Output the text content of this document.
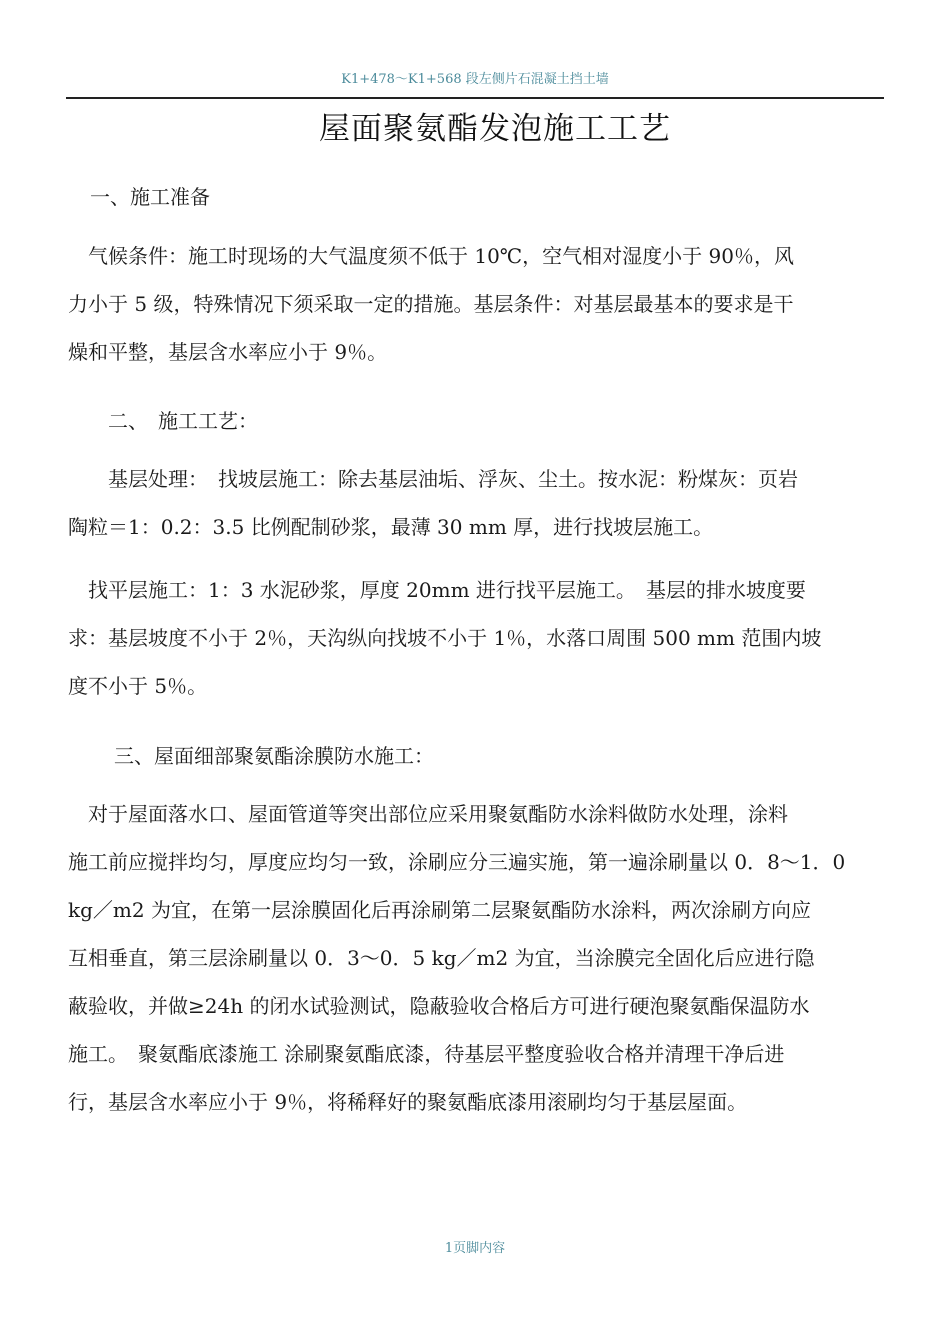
K1+478～K1+568 段左侧片石混凝土挡土墙
屋面聚氨酯发泡施工工艺
一、施工准备
　气候条件：施工时现场的大气温度须不低于 10℃，空气相对湿度小于 90％，风
力小于 5 级，特殊情况下须采取一定的措施。基层条件：对基层最基本的要求是干
燥和平整，基层含水率应小于 9％。
二、　施工工艺：
　　基层处理：　找坡层施工：除去基层油垢、浮灰、尘土。按水泥：粉煤灰：页岩
陶粒＝1：0.2：3.5 比例配制砂浆，最薄 30 mm 厚，进行找坡层施工。
　找平层施工：1：3 水泥砂浆，厚度 20mm 进行找平层施工。　基层的排水坡度要
求：基层坡度不小于 2％，天沟纵向找坡不小于 1％，水落口周围 500 mm 范围内坡
度不小于 5％。
三、屋面细部聚氨酯涂膜防水施工：
　对于屋面落水口、屋面管道等突出部位应采用聚氨酯防水涂料做防水处理，涂料
施工前应搅拌均匀，厚度应均匀一致，涂刷应分三遍实施，第一遍涂刷量以 0．8～1．0
kg／m2 为宜，在第一层涂膜固化后再涂刷第二层聚氨酯防水涂料，两次涂刷方向应
互相垂直，第三层涂刷量以 0．3～0．5 kg／m2 为宜，当涂膜完全固化后应进行隐
蔽验收，并做≥24h 的闭水试验测试，隐蔽验收合格后方可进行硬泡聚氨酯保温防水
施工。　聚氨酯底漆施工 涂刷聚氨酯底漆，待基层平整度验收合格并清理干净后进
行，基层含水率应小于 9％，将稀释好的聚氨酯底漆用滚刷均匀于基层屋面。
1页脚内容
